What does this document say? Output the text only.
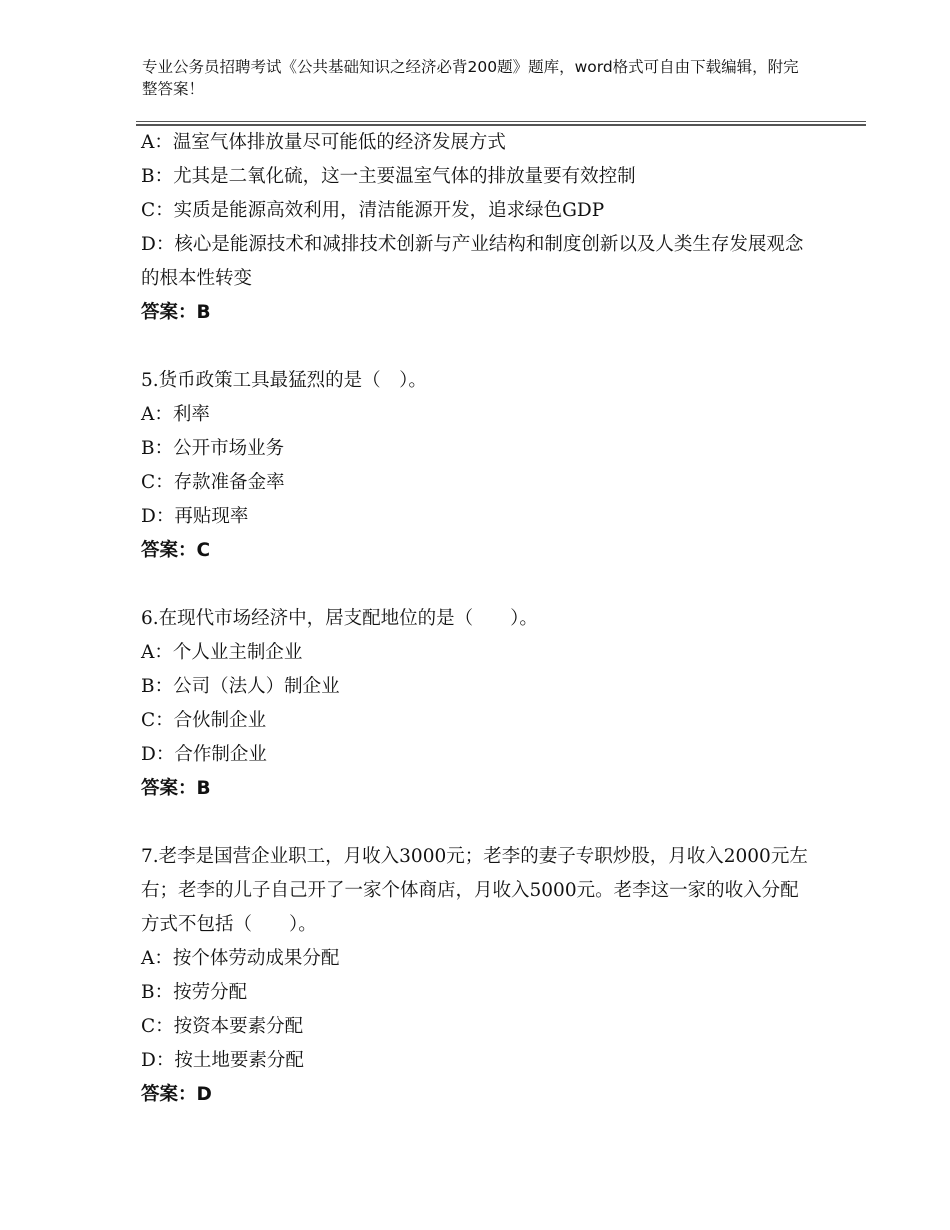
专业公务员招聘考试《公共基础知识之经济必背200题》题库，word格式可自由下载编辑，附完整答案！
A：温室气体排放量尽可能低的经济发展方式
B：尤其是二氧化硫，这一主要温室气体的排放量要有效控制
C：实质是能源高效利用，清洁能源开发，追求绿色GDP
D：核心是能源技术和减排技术创新与产业结构和制度创新以及人类生存发展观念的根本性转变
答案：B
5.货币政策工具最猛烈的是（　）。
A：利率
B：公开市场业务
C：存款准备金率
D：再贴现率
答案：C
6.在现代市场经济中，居支配地位的是（　　）。
A：个人业主制企业
B：公司（法人）制企业
C：合伙制企业
D：合作制企业
答案：B
7.老李是国营企业职工，月收入3000元；老李的妻子专职炒股，月收入2000元左右；老李的儿子自己开了一家个体商店，月收入5000元。老李这一家的收入分配方式不包括（　　）。
A：按个体劳动成果分配
B：按劳分配
C：按资本要素分配
D：按土地要素分配
答案：D
